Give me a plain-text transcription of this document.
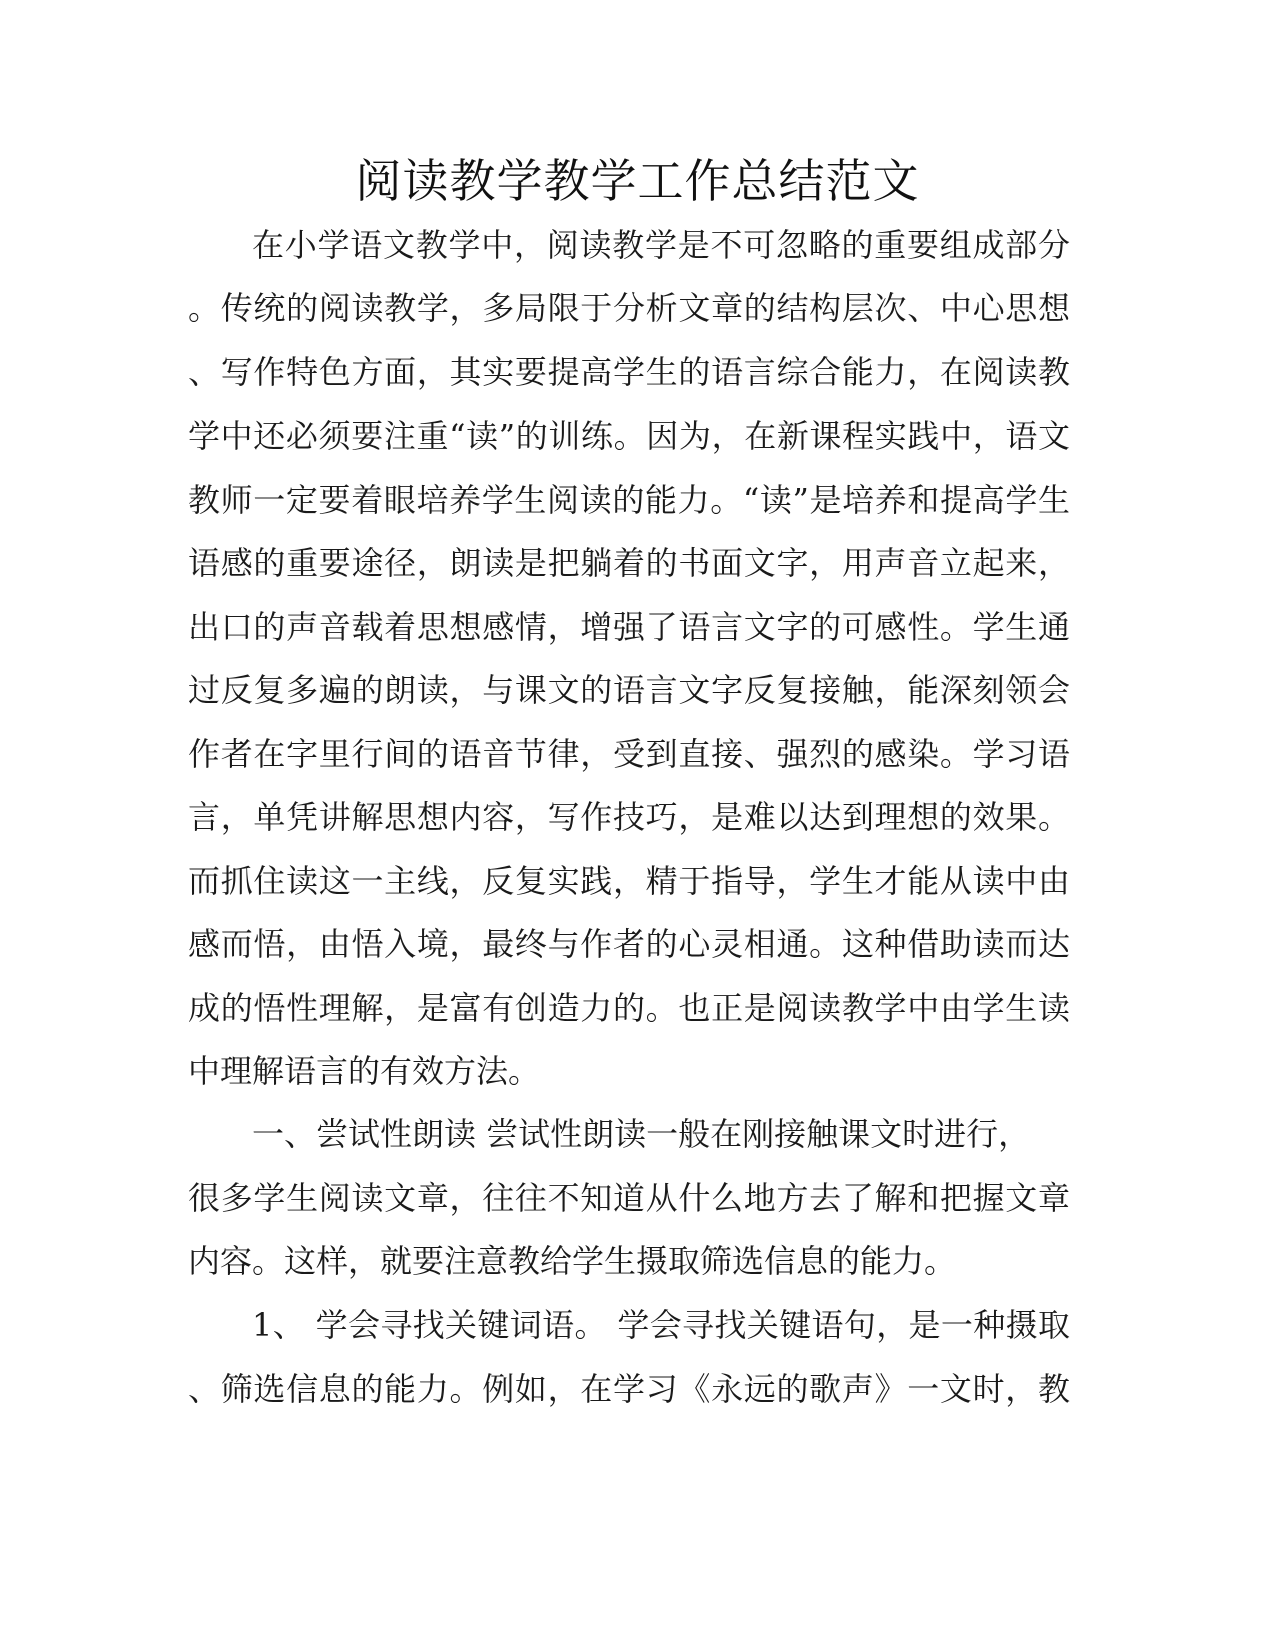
阅读教学教学工作总结范文
在小学语文教学中，阅读教学是不可忽略的重要组成部分
。传统的阅读教学，多局限于分析文章的结构层次、中心思想
、写作特色方面，其实要提高学生的语言综合能力，在阅读教
学中还必须要注重“读”的训练。因为，在新课程实践中，语文
教师一定要着眼培养学生阅读的能力。“读”是培养和提高学生
语感的重要途径，朗读是把躺着的书面文字，用声音立起来，
出口的声音载着思想感情，增强了语言文字的可感性。学生通
过反复多遍的朗读，与课文的语言文字反复接触，能深刻领会
作者在字里行间的语音节律，受到直接、强烈的感染。学习语
言，单凭讲解思想内容，写作技巧，是难以达到理想的效果。
而抓住读这一主线，反复实践，精于指导，学生才能从读中由
感而悟，由悟入境，最终与作者的心灵相通。这种借助读而达
成的悟性理解，是富有创造力的。也正是阅读教学中由学生读
中理解语言的有效方法。
一、尝试性朗读 尝试性朗读一般在刚接触课文时进行，
很多学生阅读文章，往往不知道从什么地方去了解和把握文章
内容。这样，就要注意教给学生摄取筛选信息的能力。
1、 学会寻找关键词语。 学会寻找关键语句，是一种摄取
、筛选信息的能力。例如，在学习《永远的歌声》一文时，教
